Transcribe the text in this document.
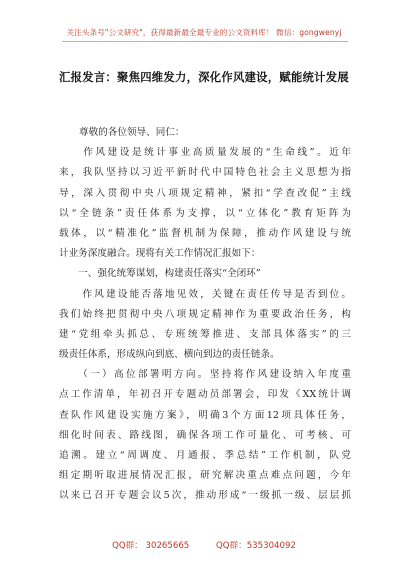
关注头条号"公文研究"，获得最新最全最专业的公文资料库！ 微信：gongwenyj
汇报发言：聚焦四维发力，深化作风建设，赋能统计发展
尊敬的各位领导、同仁：
　　作风建设是统计事业高质量发展的“生命线”。近年
来，我队坚持以习近平新时代中国特色社会主义思想为指
导，深入贯彻中央八项规定精神，紧扣“学查改促”主线
以“全链条”责任体系为支撑，以“立体化”教育矩阵为
载体，以“精准化”监督机制为保障，推动作风建设与统
计业务深度融合。现将有关工作情况汇报如下：
　　一、强化统筹谋划，构建责任落实“全闭环”
　　作风建设能否落地见效，关键在责任传导是否到位。
我们始终把贯彻中央八项规定精神作为重要政治任务，构
建“党组牵头抓总、专班统筹推进、支部具体落实”的三
级责任体系，形成纵向到底、横向到边的责任链条。
　　（一）高位部署明方向。坚持将作风建设纳入年度重
点工作清单，年初召开专题动员部署会，印发《XX统计调
查队作风建设实施方案》，明确3个方面12项具体任务，
细化时间表、路线图，确保各项工作可量化、可考核、可
追溯。建立“周调度、月通报、季总结”工作机制，队党
组定期听取进展情况汇报，研究解决重点难点问题，今年
以来已召开专题会议5次，推动形成“一级抓一级、层层抓
QQ群： 30265665	QQ群：535304092
